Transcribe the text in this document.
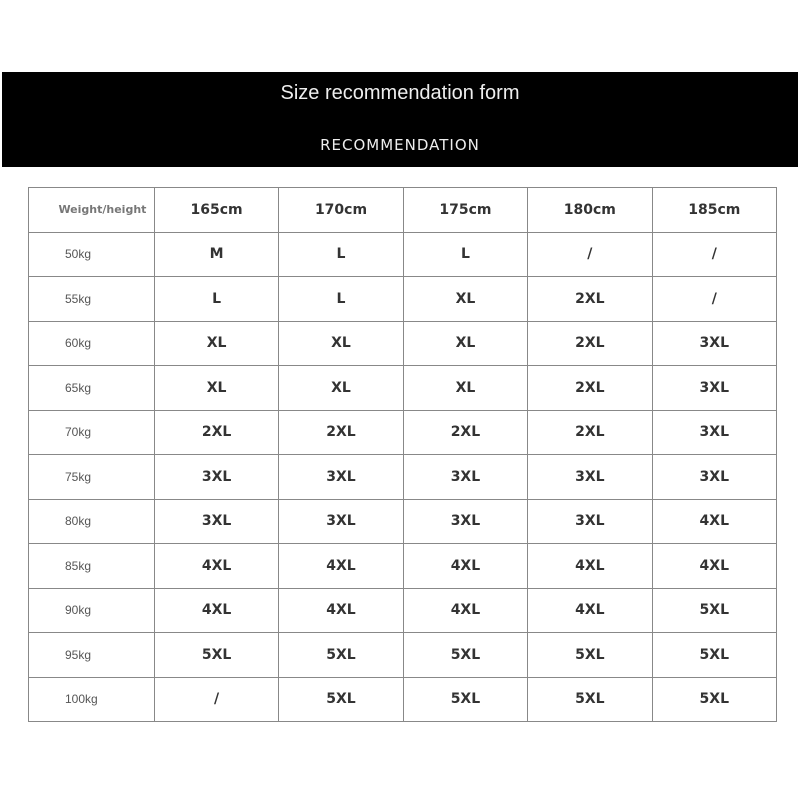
Size recommendation form
RECOMMENDATION
Weight/height	165cm	170cm	175cm	180cm	185cm
50kg	M	L	L	/	/
55kg	L	L	XL	2XL	/
60kg	XL	XL	XL	2XL	3XL
65kg	XL	XL	XL	2XL	3XL
70kg	2XL	2XL	2XL	2XL	3XL
75kg	3XL	3XL	3XL	3XL	3XL
80kg	3XL	3XL	3XL	3XL	4XL
85kg	4XL	4XL	4XL	4XL	4XL
90kg	4XL	4XL	4XL	4XL	5XL
95kg	5XL	5XL	5XL	5XL	5XL
100kg	/	5XL	5XL	5XL	5XL
